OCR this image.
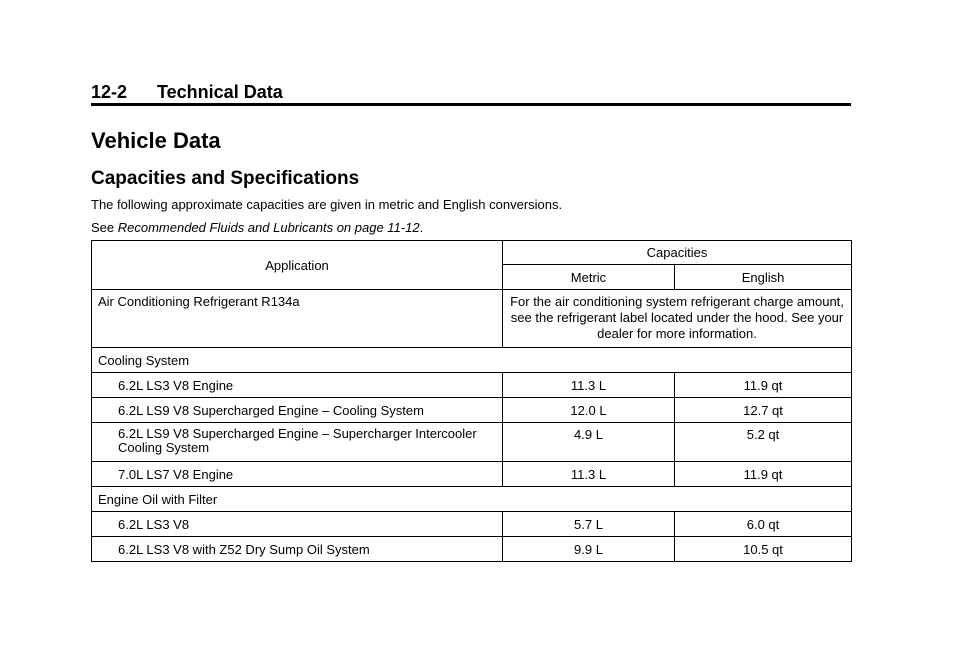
12-2 Technical Data
Vehicle Data
Capacities and Specifications
The following approximate capacities are given in metric and English conversions.
See Recommended Fluids and Lubricants on page 11-12.
Application	Capacities	
	Metric	English
Air Conditioning Refrigerant R134a	For the air conditioning system refrigerant charge amount, see the refrigerant label located under the hood. See your dealer for more information.	
Cooling System		
6.2L LS3 V8 Engine	11.3 L	11.9 qt
6.2L LS9 V8 Supercharged Engine – Cooling System	12.0 L	12.7 qt
6.2L LS9 V8 Supercharged Engine – Supercharger Intercooler Cooling System	4.9 L	5.2 qt
7.0L LS7 V8 Engine	11.3 L	11.9 qt
Engine Oil with Filter		
6.2L LS3 V8	5.7 L	6.0 qt
6.2L LS3 V8 with Z52 Dry Sump Oil System	9.9 L	10.5 qt
